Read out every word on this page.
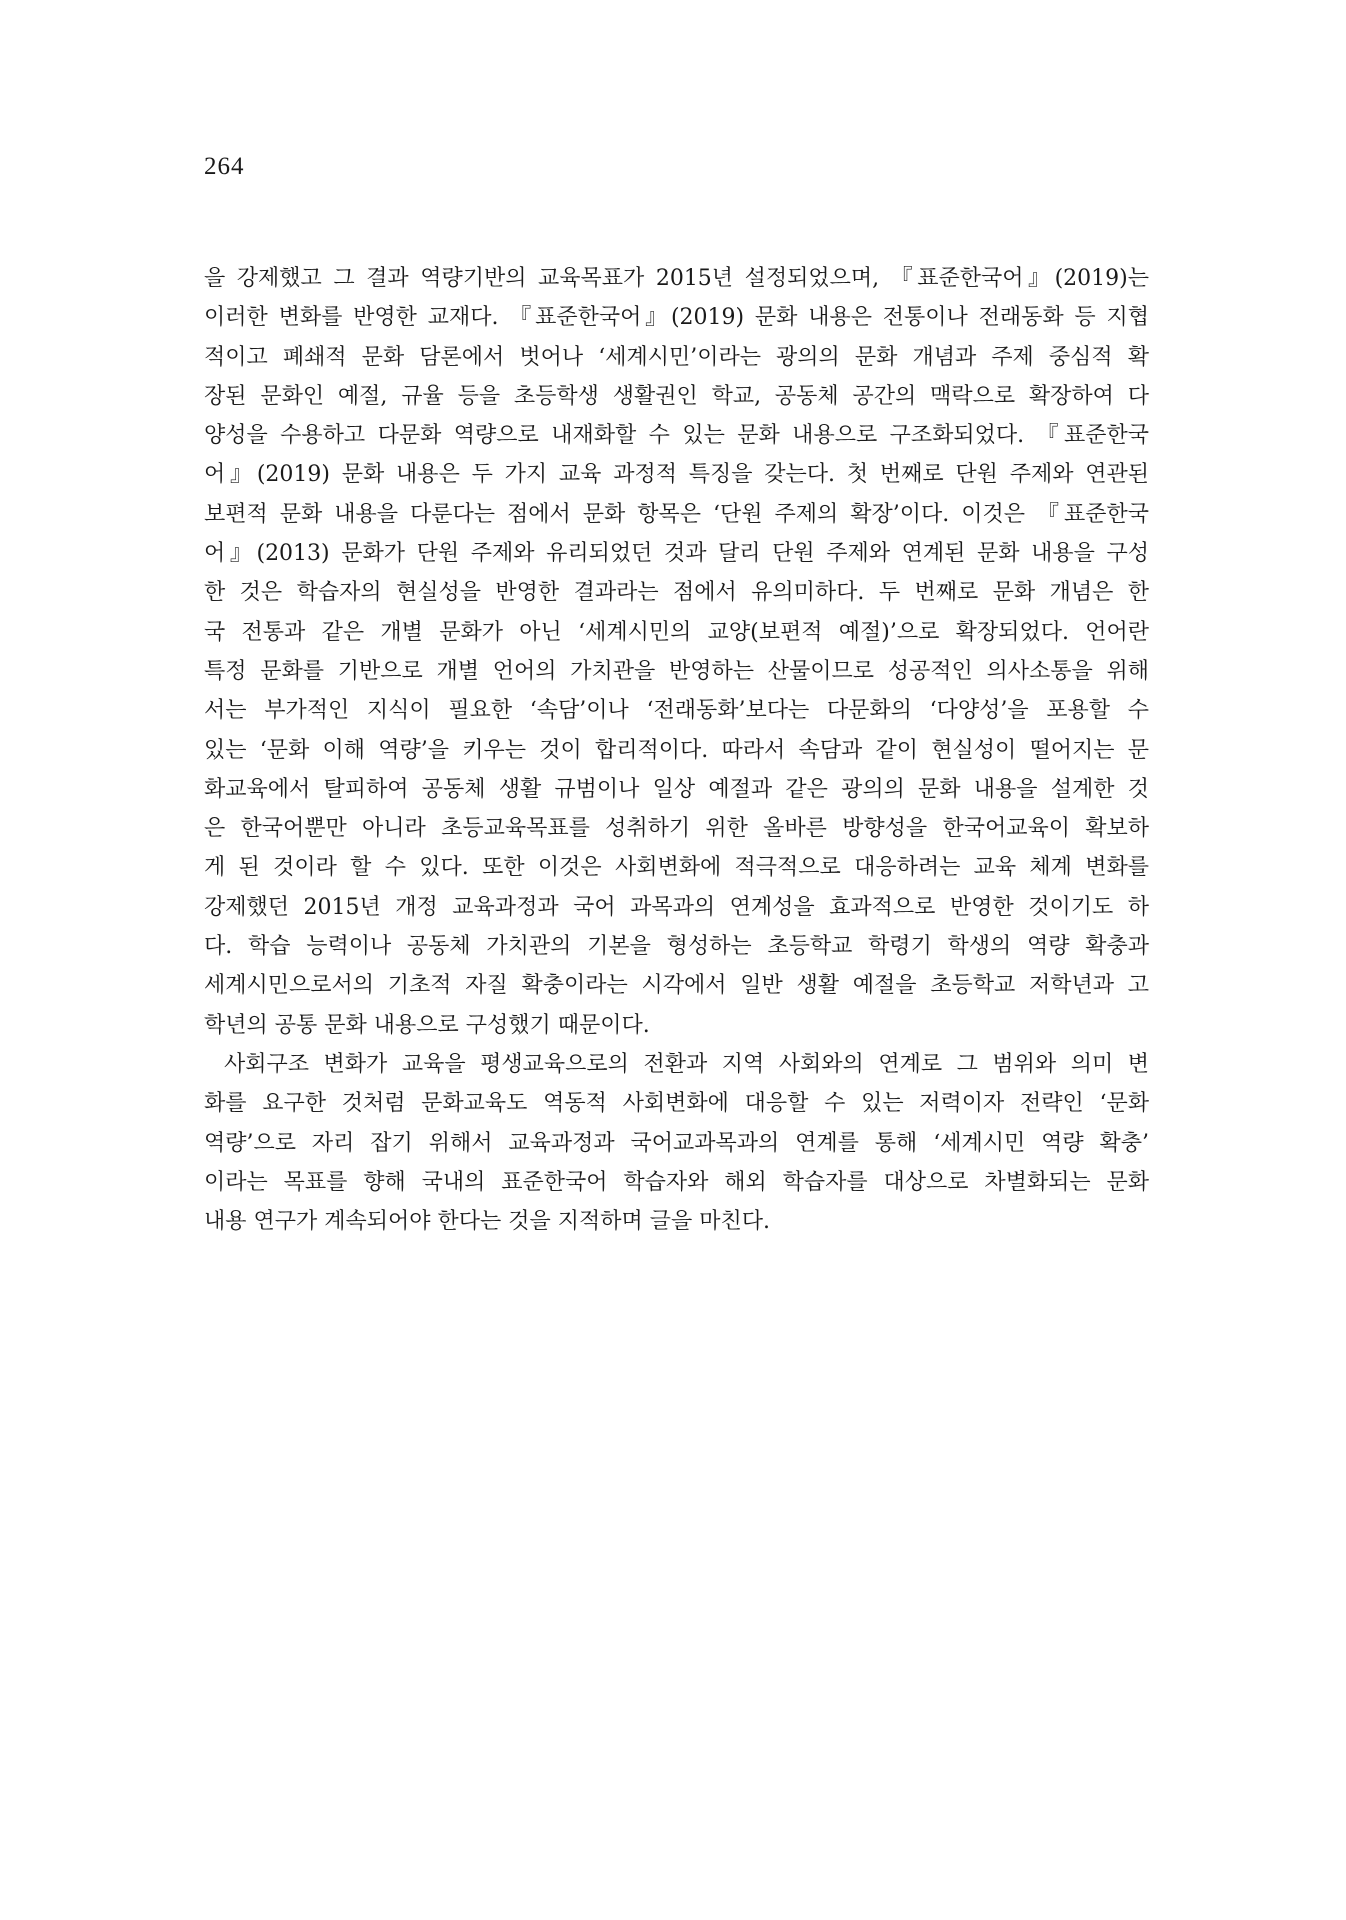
264
을 강제했고 그 결과 역량기반의 교육목표가 2015년 설정되었으며, 『표준한국어』(2019)는
이러한 변화를 반영한 교재다. 『표준한국어』(2019) 문화 내용은 전통이나 전래동화 등 지협
적이고 폐쇄적 문화 담론에서 벗어나 ‘세계시민’이라는 광의의 문화 개념과 주제 중심적 확
장된 문화인 예절, 규율 등을 초등학생 생활권인 학교, 공동체 공간의 맥락으로 확장하여 다
양성을 수용하고 다문화 역량으로 내재화할 수 있는 문화 내용으로 구조화되었다. 『표준한국
어』(2019) 문화 내용은 두 가지 교육 과정적 특징을 갖는다. 첫 번째로 단원 주제와 연관된
보편적 문화 내용을 다룬다는 점에서 문화 항목은 ‘단원 주제의 확장’이다. 이것은 『표준한국
어』(2013) 문화가 단원 주제와 유리되었던 것과 달리 단원 주제와 연계된 문화 내용을 구성
한 것은 학습자의 현실성을 반영한 결과라는 점에서 유의미하다. 두 번째로 문화 개념은 한
국 전통과 같은 개별 문화가 아닌 ‘세계시민의 교양(보편적 예절)’으로 확장되었다. 언어란
특정 문화를 기반으로 개별 언어의 가치관을 반영하는 산물이므로 성공적인 의사소통을 위해
서는 부가적인 지식이 필요한 ‘속담’이나 ‘전래동화’보다는 다문화의 ‘다양성’을 포용할 수
있는 ‘문화 이해 역량’을 키우는 것이 합리적이다. 따라서 속담과 같이 현실성이 떨어지는 문
화교육에서 탈피하여 공동체 생활 규범이나 일상 예절과 같은 광의의 문화 내용을 설계한 것
은 한국어뿐만 아니라 초등교육목표를 성취하기 위한 올바른 방향성을 한국어교육이 확보하
게 된 것이라 할 수 있다. 또한 이것은 사회변화에 적극적으로 대응하려는 교육 체계 변화를
강제했던 2015년 개정 교육과정과 국어 과목과의 연계성을 효과적으로 반영한 것이기도 하
다. 학습 능력이나 공동체 가치관의 기본을 형성하는 초등학교 학령기 학생의 역량 확충과
세계시민으로서의 기초적 자질 확충이라는 시각에서 일반 생활 예절을 초등학교 저학년과 고
학년의 공통 문화 내용으로 구성했기 때문이다.
사회구조 변화가 교육을 평생교육으로의 전환과 지역 사회와의 연계로 그 범위와 의미 변
화를 요구한 것처럼 문화교육도 역동적 사회변화에 대응할 수 있는 저력이자 전략인 ‘문화
역량’으로 자리 잡기 위해서 교육과정과 국어교과목과의 연계를 통해 ‘세계시민 역량 확충’
이라는 목표를 향해 국내의 표준한국어 학습자와 해외 학습자를 대상으로 차별화되는 문화
내용 연구가 계속되어야 한다는 것을 지적하며 글을 마친다.
